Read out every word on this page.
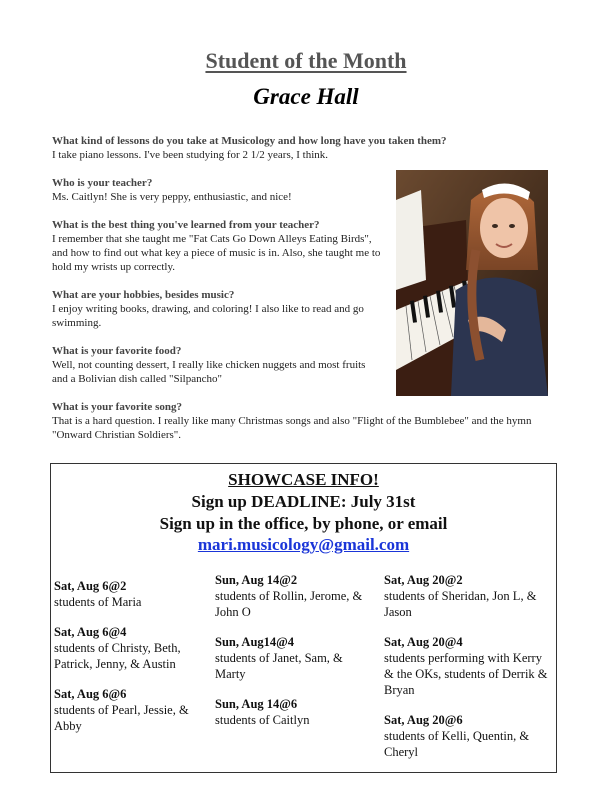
Student of the Month
Grace Hall
What kind of lessons do you take at Musicology and how long have you taken them?
I take piano lessons. I've been studying for 2 1/2 years, I think.
Who is your teacher?
Ms. Caitlyn! She is very peppy, enthusiastic, and nice!
What is the best thing you've learned from your teacher?
I remember that she taught me "Fat Cats Go Down Alleys Eating Birds", and how to find out what key a piece of music is in. Also, she taught me to hold my wrists up correctly.
What are your hobbies, besides music?
I enjoy writing books, drawing, and coloring! I also like to read and go swimming.
What is your favorite food?
Well, not counting dessert, I really like chicken nuggets and most fruits and a Bolivian dish called "Silpancho"
What is your favorite song?
That is a hard question. I really like many Christmas songs and also "Flight of the Bumblebee" and the hymn "Onward Christian Soldiers".
SHOWCASE INFO!
Sign up DEADLINE: July 31st
Sign up in the office, by phone, or email
mari.musicology@gmail.com
Sat, Aug 6@2
students of Maria
Sat, Aug 6@4
students of Christy, Beth, Patrick, Jenny, & Austin
Sat, Aug 6@6
students of Pearl, Jessie, & Abby
Sun, Aug 14@2
students of Rollin, Jerome, & John O
Sun, Aug14@4
students of Janet, Sam, & Marty
Sun, Aug 14@6
students of Caitlyn
Sat, Aug 20@2
students of Sheridan, Jon L, & Jason
Sat, Aug 20@4
students performing with Kerry & the OKs, students of Derrik & Bryan
Sat, Aug 20@6
students of Kelli, Quentin, & Cheryl
